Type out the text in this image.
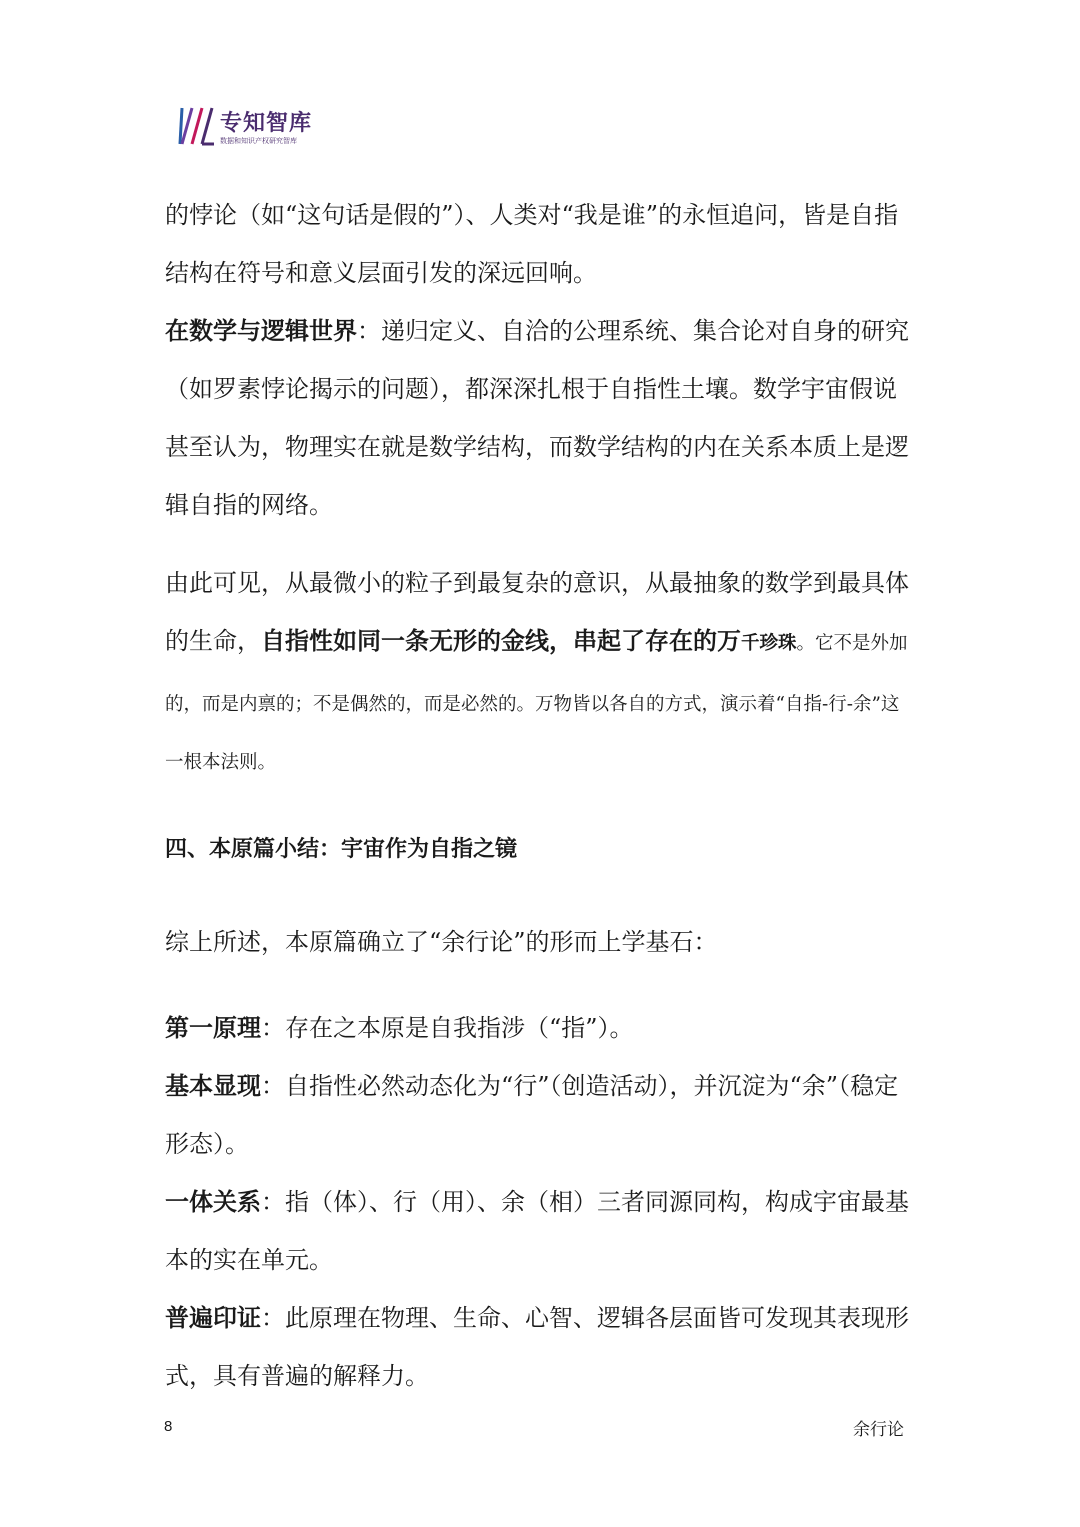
专知智库
数据和知识产权研究智库

的悖论（如“这句话是假的”）、人类对“我是谁”的永恒追问，皆是自指结构在符号和意义层面引发的深远回响。

在数学与逻辑世界：递归定义、自洽的公理系统、集合论对自身的研究（如罗素悖论揭示的问题），都深深扎根于自指性土壤。数学宇宙假说甚至认为，物理实在就是数学结构，而数学结构的内在关系本质上是逻辑自指的网络。

由此可见，从最微小的粒子到最复杂的意识，从最抽象的数学到最具体的生命，自指性如同一条无形的金线，串起了存在的万千珍珠。它不是外加的，而是内禀的；不是偶然的，而是必然的。万物皆以各自的方式，演示着“自指-行-余”这一根本法则。

四、本原篇小结：宇宙作为自指之镜

综上所述，本原篇确立了“余行论”的形而上学基石：

第一原理：存在之本原是自我指涉（“指”）。

基本显现：自指性必然动态化为“行”（创造活动），并沉淀为“余”（稳定形态）。

一体关系：指（体）、行（用）、余（相）三者同源同构，构成宇宙最基本的实在单元。

普遍印证：此原理在物理、生命、心智、逻辑各层面皆可发现其表现形式，具有普遍的解释力。

8	余行论
